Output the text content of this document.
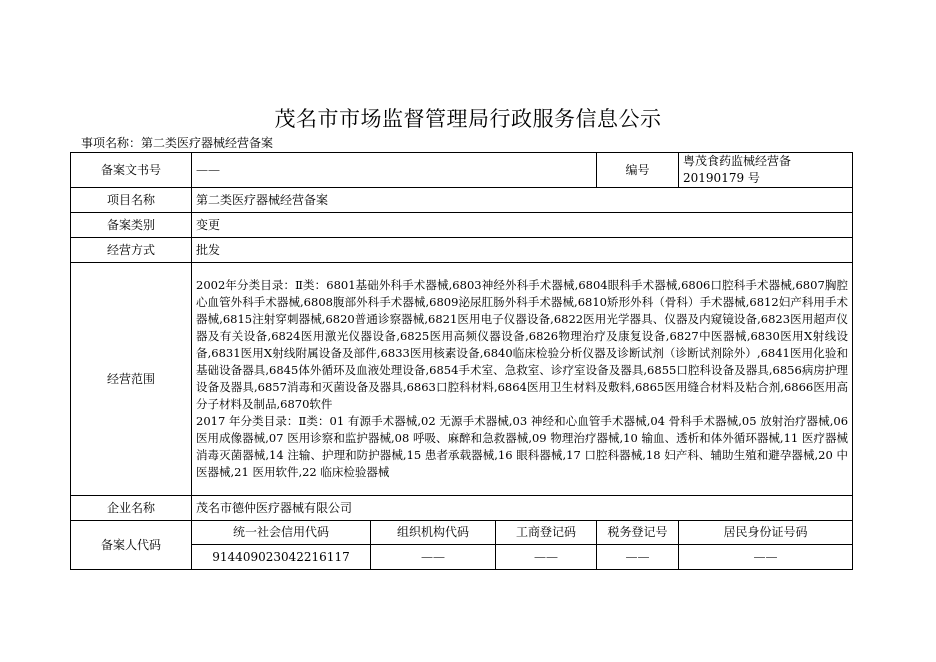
茂名市市场监督管理局行政服务信息公示
事项名称：第二类医疗器械经营备案
备案文书号	——			编号	粤茂食药监械经营备 20190179 号
项目名称	第二类医疗器械经营备案				
备案类别	变更				
经营方式	批发				
经营范围	2002年分类目录：Ⅱ类：6801基础外科手术器械,6803神经外科手术器械,6804眼科手术器械,6806口腔科手术器械,6807胸腔心血管外科手术器械,6808腹部外科手术器械,6809泌尿肛肠外科手术器械,6810矫形外科（骨科）手术器械,6812妇产科用手术器械,6815注射穿刺器械,6820普通诊察器械,6821医用电子仪器设备,6822医用光学器具、仪器及内窥镜设备,6823医用超声仪器及有关设备,6824医用激光仪器设备,6825医用高频仪器设备,6826物理治疗及康复设备,6827中医器械,6830医用X射线设备,6831医用X射线附属设备及部件,6833医用核素设备,6840临床检验分析仪器及诊断试剂（诊断试剂除外）,6841医用化验和基础设备器具,6845体外循环及血液处理设备,6854手术室、急救室、诊疗室设备及器具,6855口腔科设备及器具,6856病房护理设备及器具,6857消毒和灭菌设备及器具,6863口腔科材料,6864医用卫生材料及敷料,6865医用缝合材料及粘合剂,6866医用高分子材料及制品,6870软件

2017 年分类目录：Ⅱ类：01 有源手术器械,02 无源手术器械,03 神经和心血管手术器械,04 骨科手术器械,05 放射治疗器械,06 医用成像器械,07 医用诊察和监护器械,08 呼吸、麻醉和急救器械,09 物理治疗器械,10 输血、透析和体外循环器械,11 医疗器械消毒灭菌器械,14 注输、护理和防护器械,15 患者承载器械,16 眼科器械,17 口腔科器械,18 妇产科、辅助生殖和避孕器械,20 中医器械,21 医用软件,22 临床检验器械				

企业名称	茂名市德仲医疗器械有限公司				
备案人代码	统一社会信用代码	组织机构代码	工商登记码	税务登记号	居民身份证号码
	914409023042216117	——	——	——	——
